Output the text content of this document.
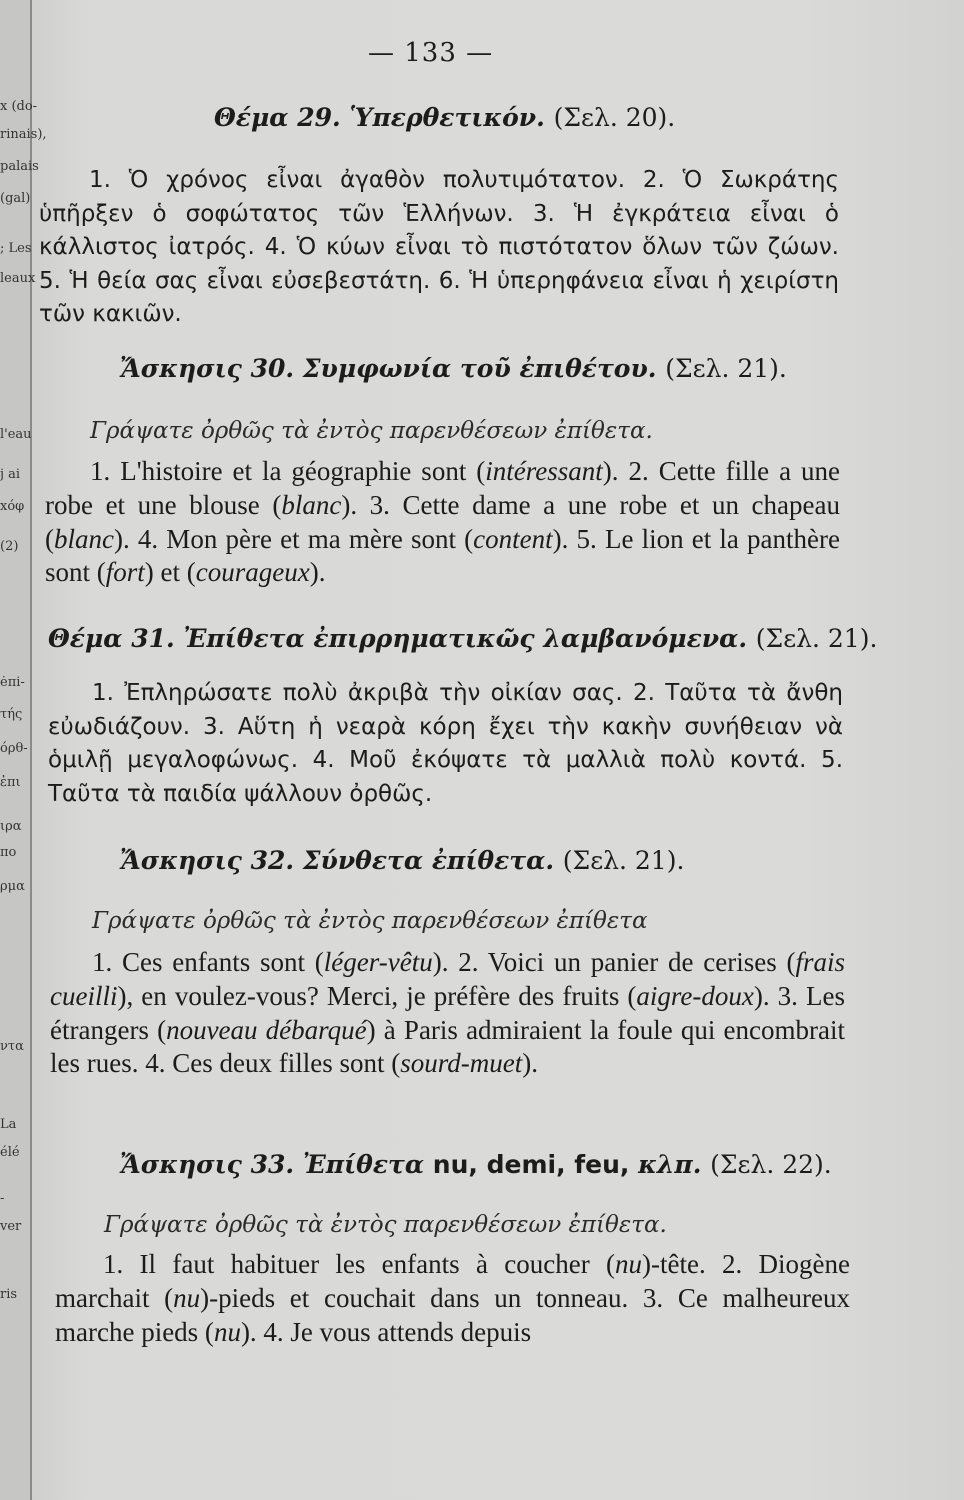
x (do-
rinais),
palais
(gal)
; Les
leaux
l'eau
j ai
xóφ
(2)
ėπi-
τής
όρθ-
ἐπι
ιρα
πo
ρμα
ντα
La
élé
-
ver
ris
— 133 —
Θέμα 29. Ὑπερθετικόν. (Σελ. 20).

1. Ὁ χρόνος εἶναι ἀγαθὸν πολυτιμότατον. 2. Ὁ Σωκράτης ὑπῆρξεν ὁ σοφώτατος τῶν Ἑλλήνων. 3. Ἡ ἐγκράτεια εἶναι ὁ κάλλιστος ἰατρός. 4. Ὁ κύων εἶναι τὸ πιστότατον ὅλων τῶν ζώων. 5. Ἡ θεία σας εἶναι εὐσεβεστάτη. 6. Ἡ ὑπερηφάνεια εἶναι ἡ χειρίστη τῶν κακιῶν.

Ἄσκησις 30. Συμφωνία τοῦ ἐπιθέτου. (Σελ. 21).
Γράψατε ὀρθῶς τὰ ἐντὸς παρενθέσεων ἐπίθετα.

1. L'histoire et la géographie sont (intéressant). 2. Cette fille a une robe et une blouse (blanc). 3. Cette dame a une robe et un chapeau (blanc). 4. Mon père et ma mère sont (content). 5. Le lion et la panthère sont (fort) et (courageux).

Θέμα 31. Ἐπίθετα ἐπιρρηματικῶς λαμβανόμενα. (Σελ. 21).

1. Ἐπληρώσατε πολὺ ἀκριβὰ τὴν οἰκίαν σας. 2. Ταῦτα τὰ ἄνθη εὐωδιάζουν. 3. Αὕτη ἡ νεαρὰ κόρη ἔχει τὴν κακὴν συνήθειαν νὰ ὁμιλῇ μεγαλοφώνως. 4. Μοῦ ἐκόψατε τὰ μαλλιὰ πολὺ κοντά. 5. Ταῦτα τὰ παιδία ψάλλουν ὀρθῶς.

Ἄσκησις 32. Σύνθετα ἐπίθετα. (Σελ. 21).
Γράψατε ὀρθῶς τὰ ἐντὸς παρενθέσεων ἐπίθετα

1. Ces enfants sont (léger-vêtu). 2. Voici un panier de cerises (frais cueilli), en voulez-vous? Merci, je préfère des fruits (aigre-doux). 3. Les étrangers (nouveau débarqué) à Paris admiraient la foule qui encombrait les rues. 4. Ces deux filles sont (sourd-muet).

Ἄσκησις 33. Ἐπίθετα nu, demi, feu, κλπ. (Σελ. 22).
Γράψατε ὀρθῶς τὰ ἐντὸς παρενθέσεων ἐπίθετα.

1. Il faut habituer les enfants à coucher (nu)-tête. 2. Diogène marchait (nu)-pieds et couchait dans un tonneau. 3. Ce malheureux marche pieds (nu). 4. Je vous attends depuis
